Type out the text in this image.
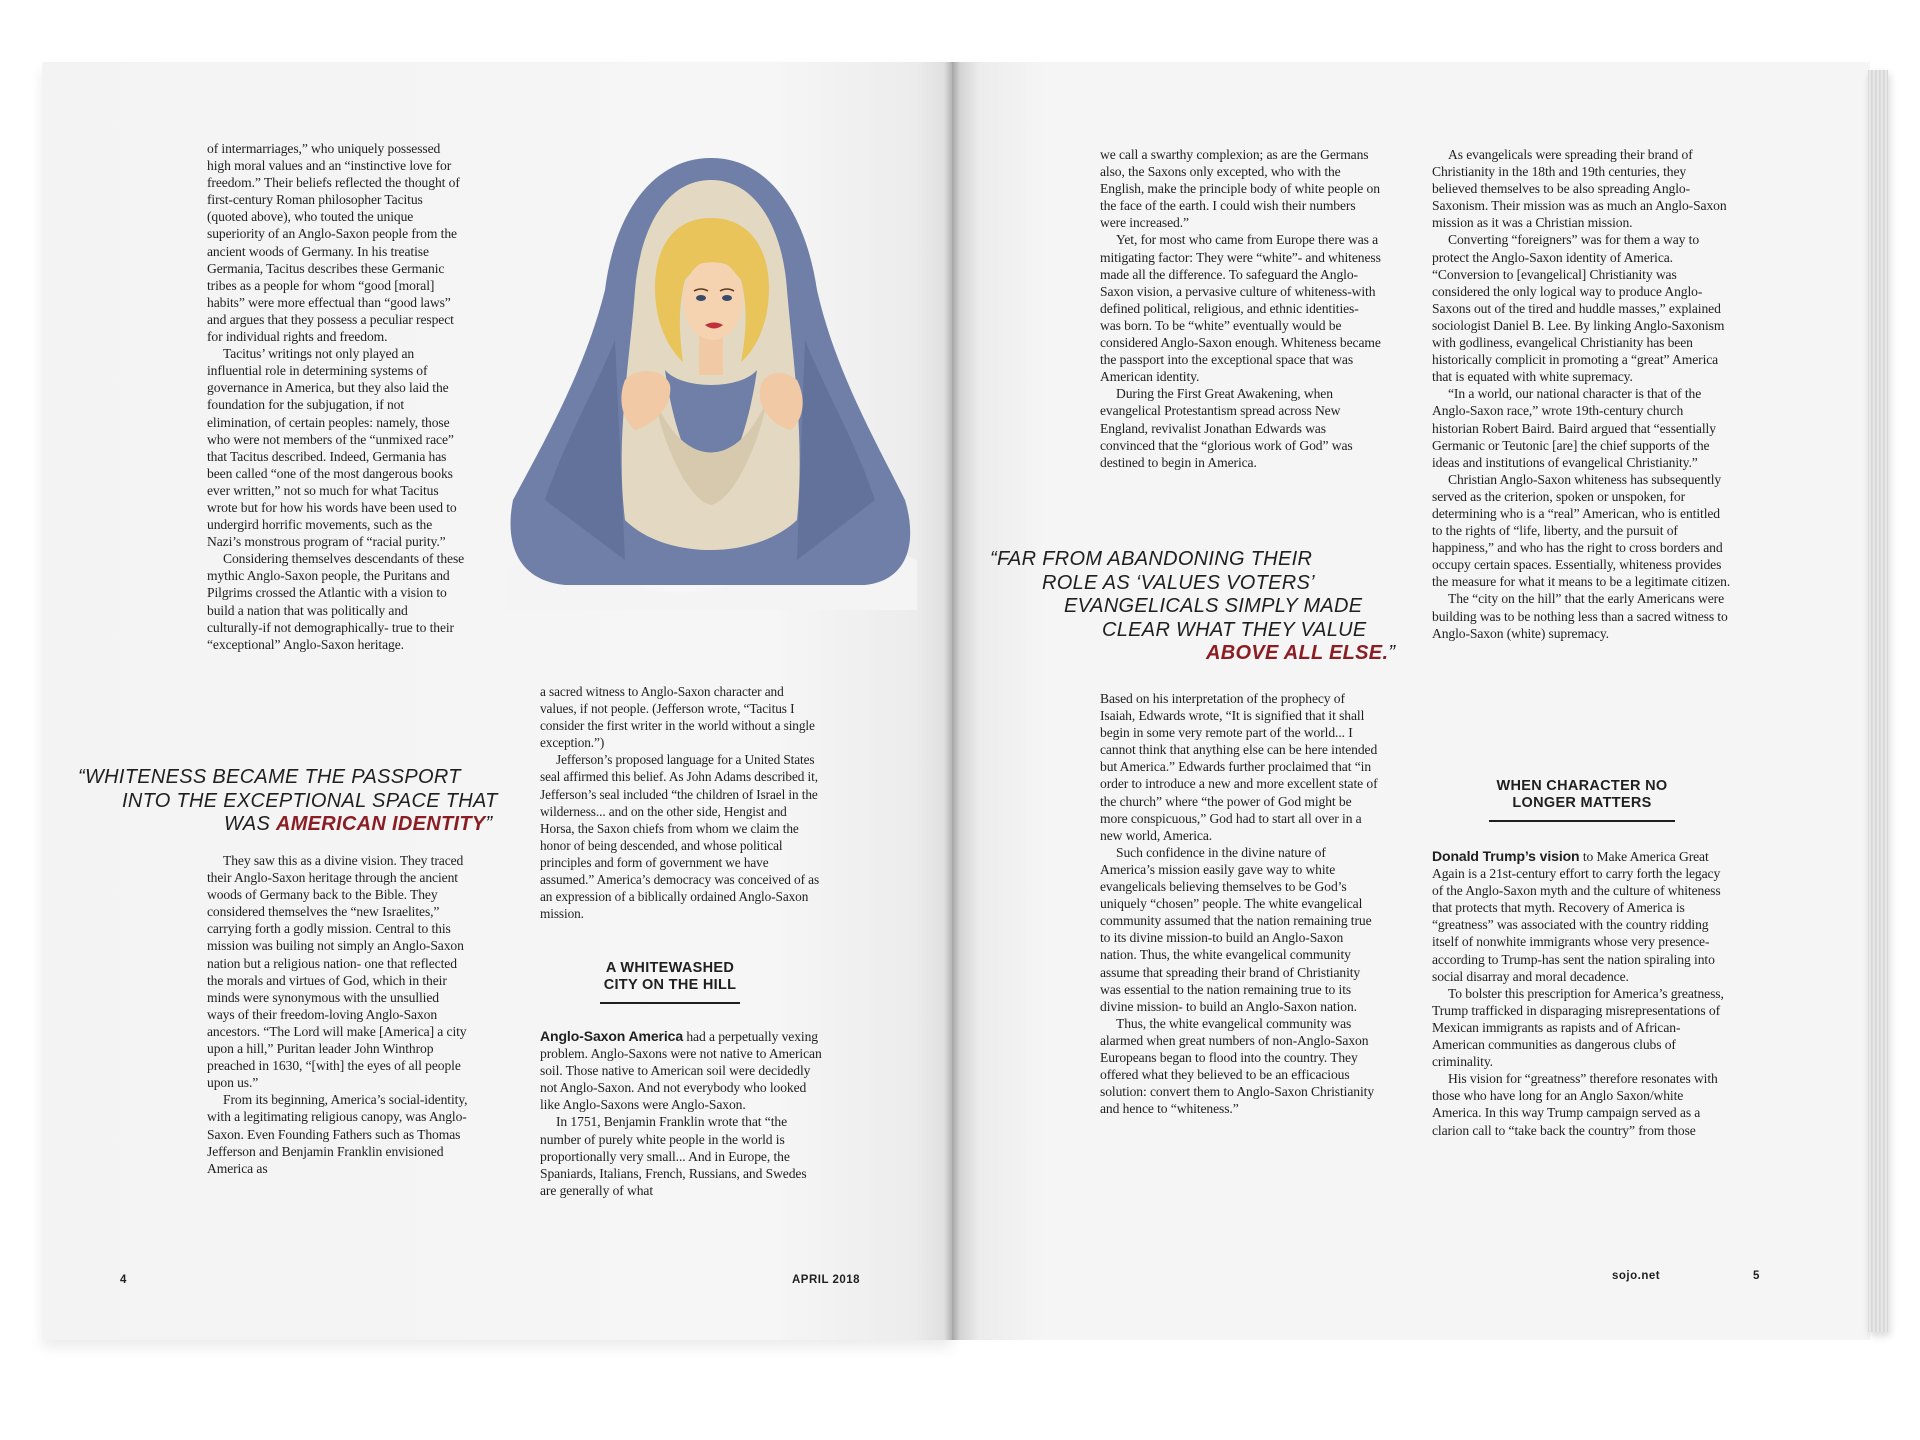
of intermarriages,” who uniquely possessed high moral values and an “instinctive love for freedom.” Their beliefs reflected the thought of first-century Roman philosopher Tacitus (quoted above), who touted the unique superiority of an Anglo-Saxon people from the ancient woods of Germany. In his treatise Germania, Tacitus describes these Germanic tribes as a people for whom “good [moral] habits” were more effectual than “good laws” and argues that they possess a peculiar respect for individual rights and freedom.

Tacitus’ writings not only played an influential role in determining systems of governance in America, but they also laid the foundation for the subjugation, if not elimination, of certain peoples: namely, those who were not members of the “unmixed race” that Tacitus described. Indeed, Germania has been called “one of the most dangerous books ever written,” not so much for what Tacitus wrote but for how his words have been used to undergird horrific movements, such as the Nazi’s monstrous program of “racial purity.”

Considering themselves descendants of these mythic Anglo-Saxon people, the Puritans and Pilgrims crossed the Atlantic with a vision to build a nation that was politically and culturally-if not demographically- true to their “exceptional” Anglo-Saxon heritage.

“WHITENESS BECAME THE PASSPORT
INTO THE EXCEPTIONAL SPACE THAT
WAS AMERICAN IDENTITY”

They saw this as a divine vision. They traced their Anglo-Saxon heritage through the ancient woods of Germany back to the Bible. They considered themselves the “new Israelites,” carrying forth a godly mission. Central to this mission was builing not simply an Anglo-Saxon nation but a religious nation- one that reflected the morals and virtues of God, which in their minds were synonymous with the unsullied ways of their freedom-loving Anglo-Saxon ancestors. “The Lord will make [America] a city upon a hill,” Puritan leader John Winthrop preached in 1630, “[with] the eyes of all people upon us.”

From its beginning, America’s social-identity, with a legitimating religious canopy, was Anglo-Saxon. Even Founding Fathers such as Thomas Jefferson and Benjamin Franklin envisioned America as

a sacred witness to Anglo-Saxon character and values, if not people. (Jefferson wrote, “Tacitus I consider the first writer in the world without a single exception.”)

Jefferson’s proposed language for a United States seal affirmed this belief. As John Adams described it, Jefferson’s seal included “the children of Israel in the wilderness... and on the other side, Hengist and Horsa, the Saxon chiefs from whom we claim the honor of being descended, and whose political principles and form of government we have assumed.” America’s democracy was conceived of as an expression of a biblically ordained Anglo-Saxon mission.

A WHITEWASHED
CITY ON THE HILL

Anglo-Saxon America had a perpetually vexing problem. Anglo-Saxons were not native to American soil. Those native to American soil were decidedly not Anglo-Saxon. And not everybody who looked like Anglo-Saxons were Anglo-Saxon.

In 1751, Benjamin Franklin wrote that “the number of purely white people in the world is proportionally very small... And in Europe, the Spaniards, Italians, French, Russians, and Swedes are generally of what

4	APRIL 2018

we call a swarthy complexion; as are the Germans also, the Saxons only excepted, who with the English, make the principle body of white people on the face of the earth. I could wish their numbers were increased.”

Yet, for most who came from Europe there was a mitigating factor: They were “white”- and whiteness made all the difference. To safeguard the Anglo-Saxon vision, a pervasive culture of whiteness-with defined political, religious, and ethnic identities- was born. To be “white” eventually would be considered Anglo-Saxon enough. Whiteness became the passport into the exceptional space that was American identity.

During the First Great Awakening, when evangelical Protestantism spread across New England, revivalist Jonathan Edwards was convinced that the “glorious work of God” was destined to begin in America.

“FAR FROM ABANDONING THEIR
ROLE AS ‘VALUES VOTERS’
EVANGELICALS SIMPLY MADE
CLEAR WHAT THEY VALUE
ABOVE ALL ELSE.”

Based on his interpretation of the prophecy of Isaiah, Edwards wrote, “It is signified that it shall begin in some very remote part of the world... I cannot think that anything else can be here intended but America.” Edwards further proclaimed that “in order to introduce a new and more excellent state of the church” where “the power of God might be more conspicuous,” God had to start all over in a new world, America.

Such confidence in the divine nature of America’s mission easily gave way to white evangelicals believing themselves to be God’s uniquely “chosen” people. The white evangelical community assumed that the nation remaining true to its divine mission-to build an Anglo-Saxon nation. Thus, the white evangelical community assume that spreading their brand of Christianity was essential to the nation remaining true to its divine mission- to build an Anglo-Saxon nation.

Thus, the white evangelical community was alarmed when great numbers of non-Anglo-Saxon Europeans began to flood into the country. They offered what they believed to be an efficacious solution: convert them to Anglo-Saxon Christianity and hence to “whiteness.”

As evangelicals were spreading their brand of Christianity in the 18th and 19th centuries, they believed themselves to be also spreading Anglo-Saxonism. Their mission was as much an Anglo-Saxon mission as it was a Christian mission.

Converting “foreigners” was for them a way to protect the Anglo-Saxon identity of America. “Conversion to [evangelical] Christianity was considered the only logical way to produce Anglo-Saxons out of the tired and huddle masses,” explained sociologist Daniel B. Lee. By linking Anglo-Saxonism with godliness, evangelical Christianity has been historically complicit in promoting a “great” America that is equated with white supremacy.

“In a world, our national character is that of the Anglo-Saxon race,” wrote 19th-century church historian Robert Baird. Baird argued that “essentially Germanic or Teutonic [are] the chief supports of the ideas and institutions of evangelical Christianity.”

Christian Anglo-Saxon whiteness has subsequently served as the criterion, spoken or unspoken, for determining who is a “real” American, who is entitled to the rights of “life, liberty, and the pursuit of happiness,” and who has the right to cross borders and occupy certain spaces. Essentially, whiteness provides the measure for what it means to be a legitimate citizen.

The “city on the hill” that the early Americans were building was to be nothing less than a sacred witness to Anglo-Saxon (white) supremacy.

WHEN CHARACTER NO
LONGER MATTERS

Donald Trump’s vision to Make America Great Again is a 21st-century effort to carry forth the legacy of the Anglo-Saxon myth and the culture of whiteness that protects that myth. Recovery of America is “greatness” was associated with the country ridding itself of nonwhite immigrants whose very presence-according to Trump-has sent the nation spiraling into social disarray and moral decadence.

To bolster this prescription for America’s greatness, Trump trafficked in disparaging misrepresentations of Mexican immigrants as rapists and of African-American communities as dangerous clubs of criminality.

His vision for “greatness” therefore resonates with those who have long for an Anglo Saxon/white America. In this way Trump campaign served as a clarion call to “take back the country” from those

sojo.net	5
